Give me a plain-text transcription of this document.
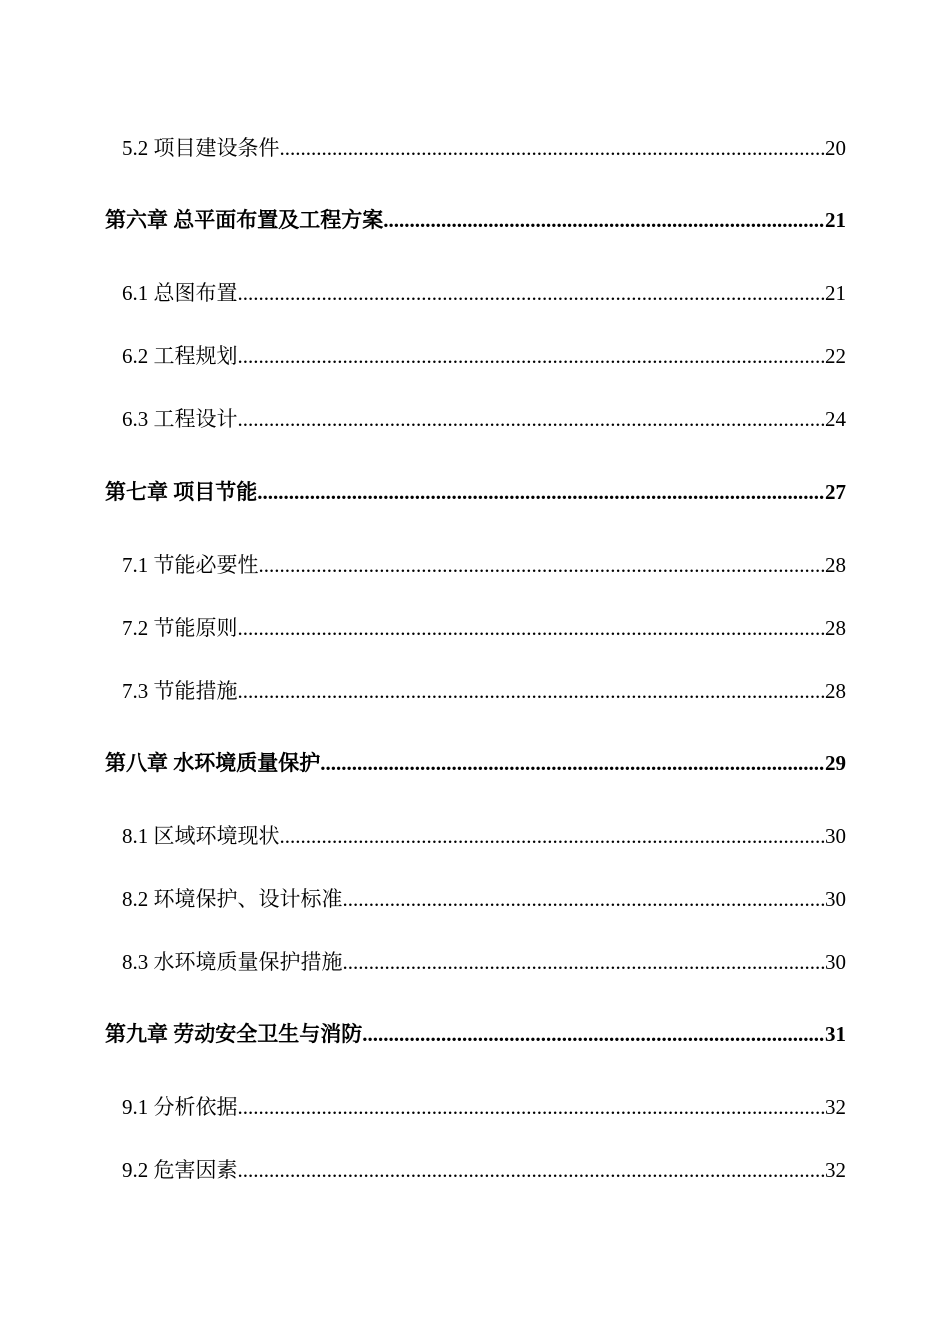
5.2 项目建设条件 .....	20
第六章 总平面布置及工程方案 .....	21
6.1 总图布置 .....	21
6.2 工程规划 .....	22
6.3 工程设计 .....	24
第七章 项目节能 .....	27
7.1 节能必要性 .....	28
7.2 节能原则 .....	28
7.3 节能措施 .....	28
第八章 水环境质量保护 .....	29
8.1 区域环境现状 .....	30
8.2 环境保护、设计标准 .....	30
8.3 水环境质量保护措施 .....	30
第九章 劳动安全卫生与消防 .....	31
9.1 分析依据 .....	32
9.2 危害因素 .....	32
